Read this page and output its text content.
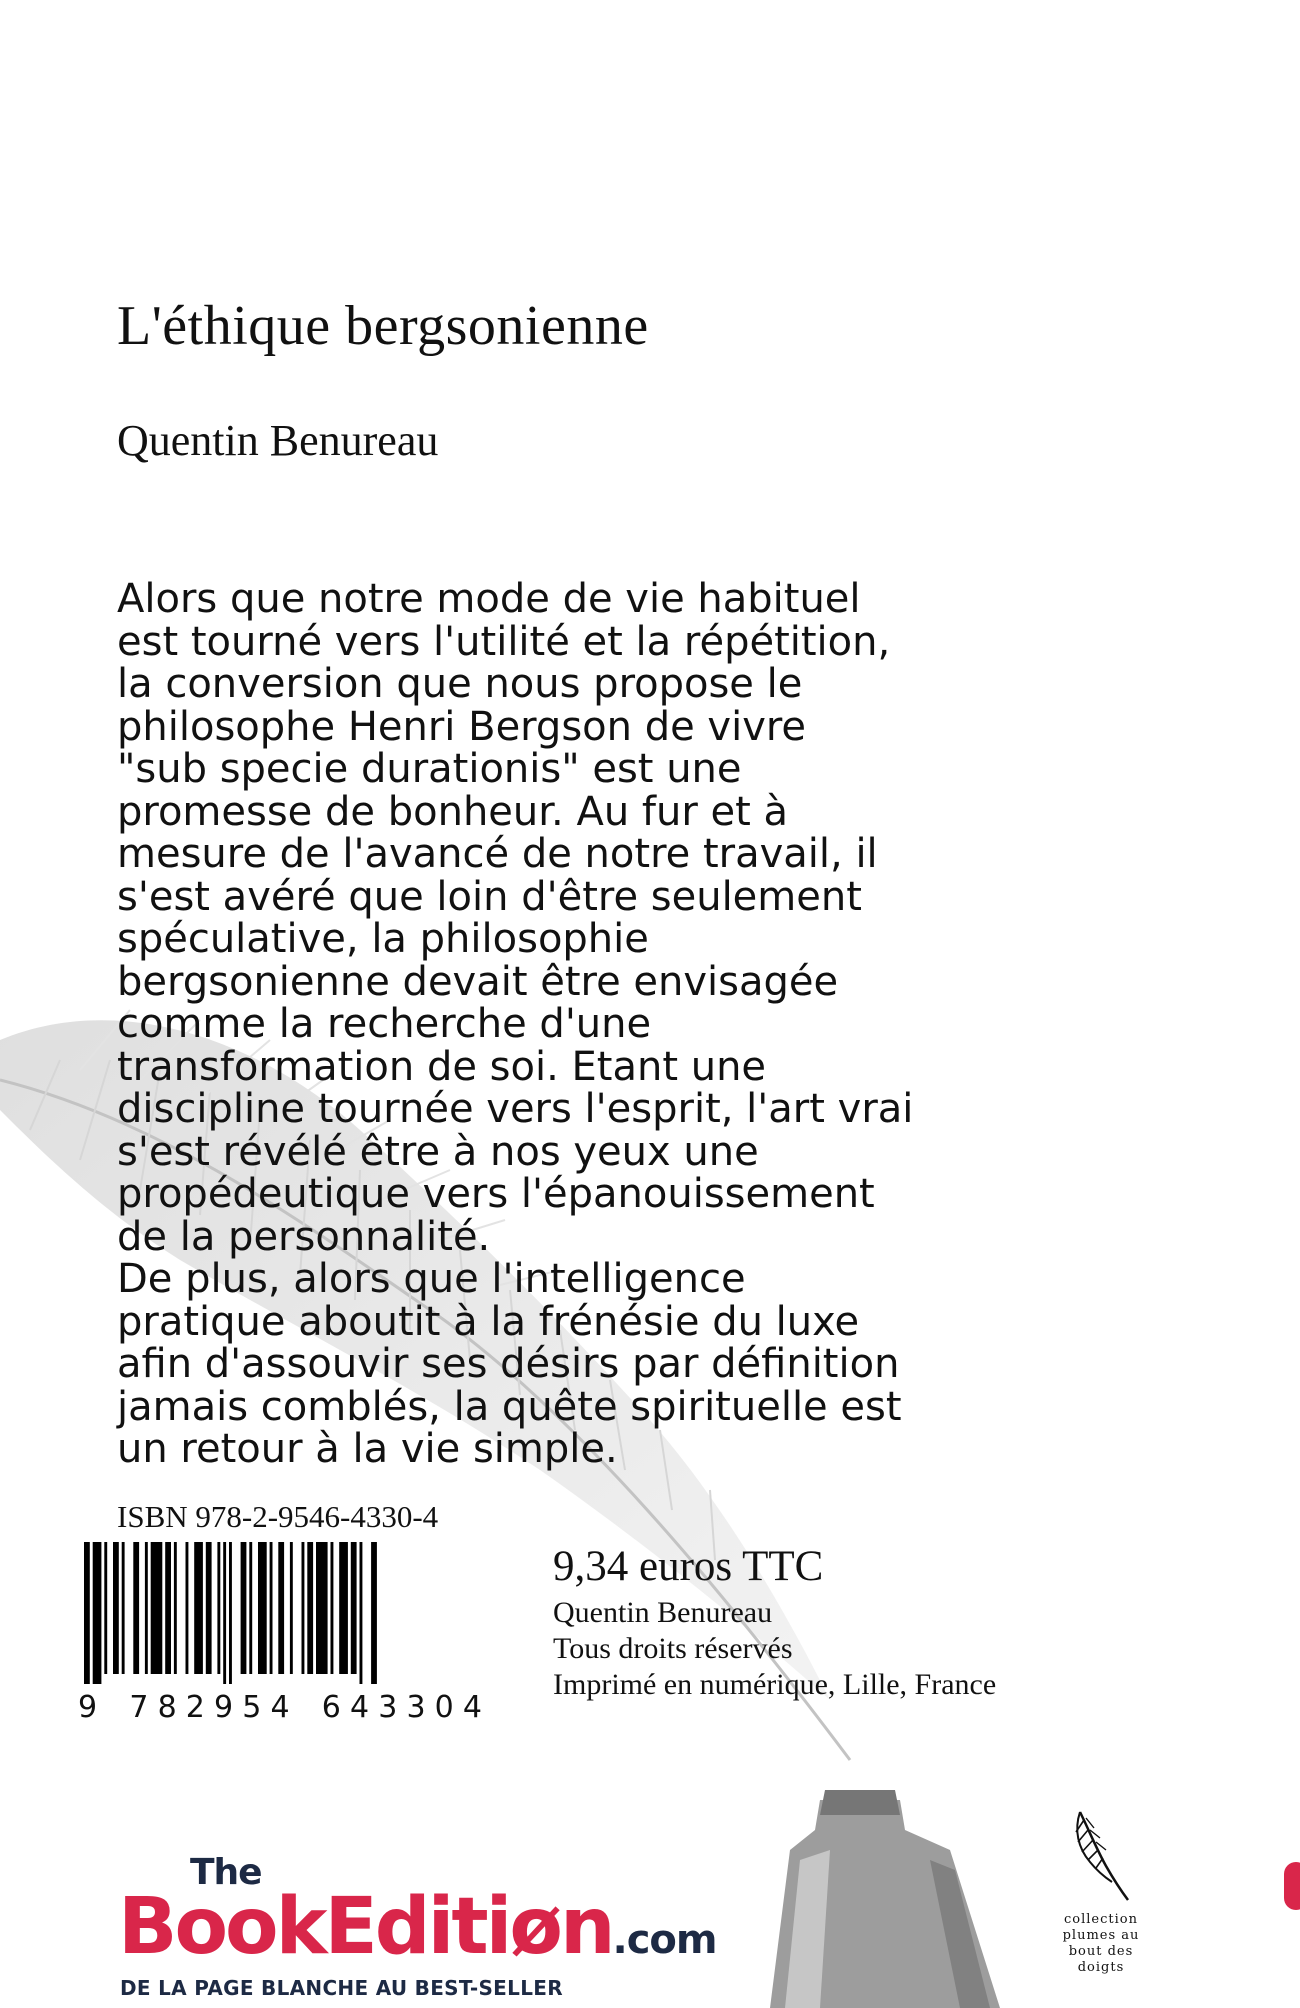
L'éthique bergsonienne
Quentin Benureau
Alors que notre mode de vie habituel
est tourné vers l'utilité et la répétition,
la conversion que nous propose le
philosophe Henri Bergson de vivre
"sub specie durationis" est une
promesse de bonheur. Au fur et à
mesure de l'avancé de notre travail, il
s'est avéré que loin d'être seulement
spéculative, la philosophie
bergsonienne devait être envisagée
comme la recherche d'une
transformation de soi. Etant une
discipline tournée vers l'esprit, l'art vrai
s'est révélé être à nos yeux une
propédeutique vers l'épanouissement
de la personnalité.
De plus, alors que l'intelligence
pratique aboutit à la frénésie du luxe
afin d'assouvir ses désirs par définition
jamais comblés, la quête spirituelle est
un retour à la vie simple.
ISBN 978-2-9546-4330-4
9 7 8 2 9 5 4 6 4 3 3 0 4
9,34 euros TTC
Quentin Benureau
Tous droits réservés
Imprimé en numérique, Lille, France
The
BookEditiøn.com
DE LA PAGE BLANCHE AU BEST-SELLER
collection
plumes au
bout des
doigts
